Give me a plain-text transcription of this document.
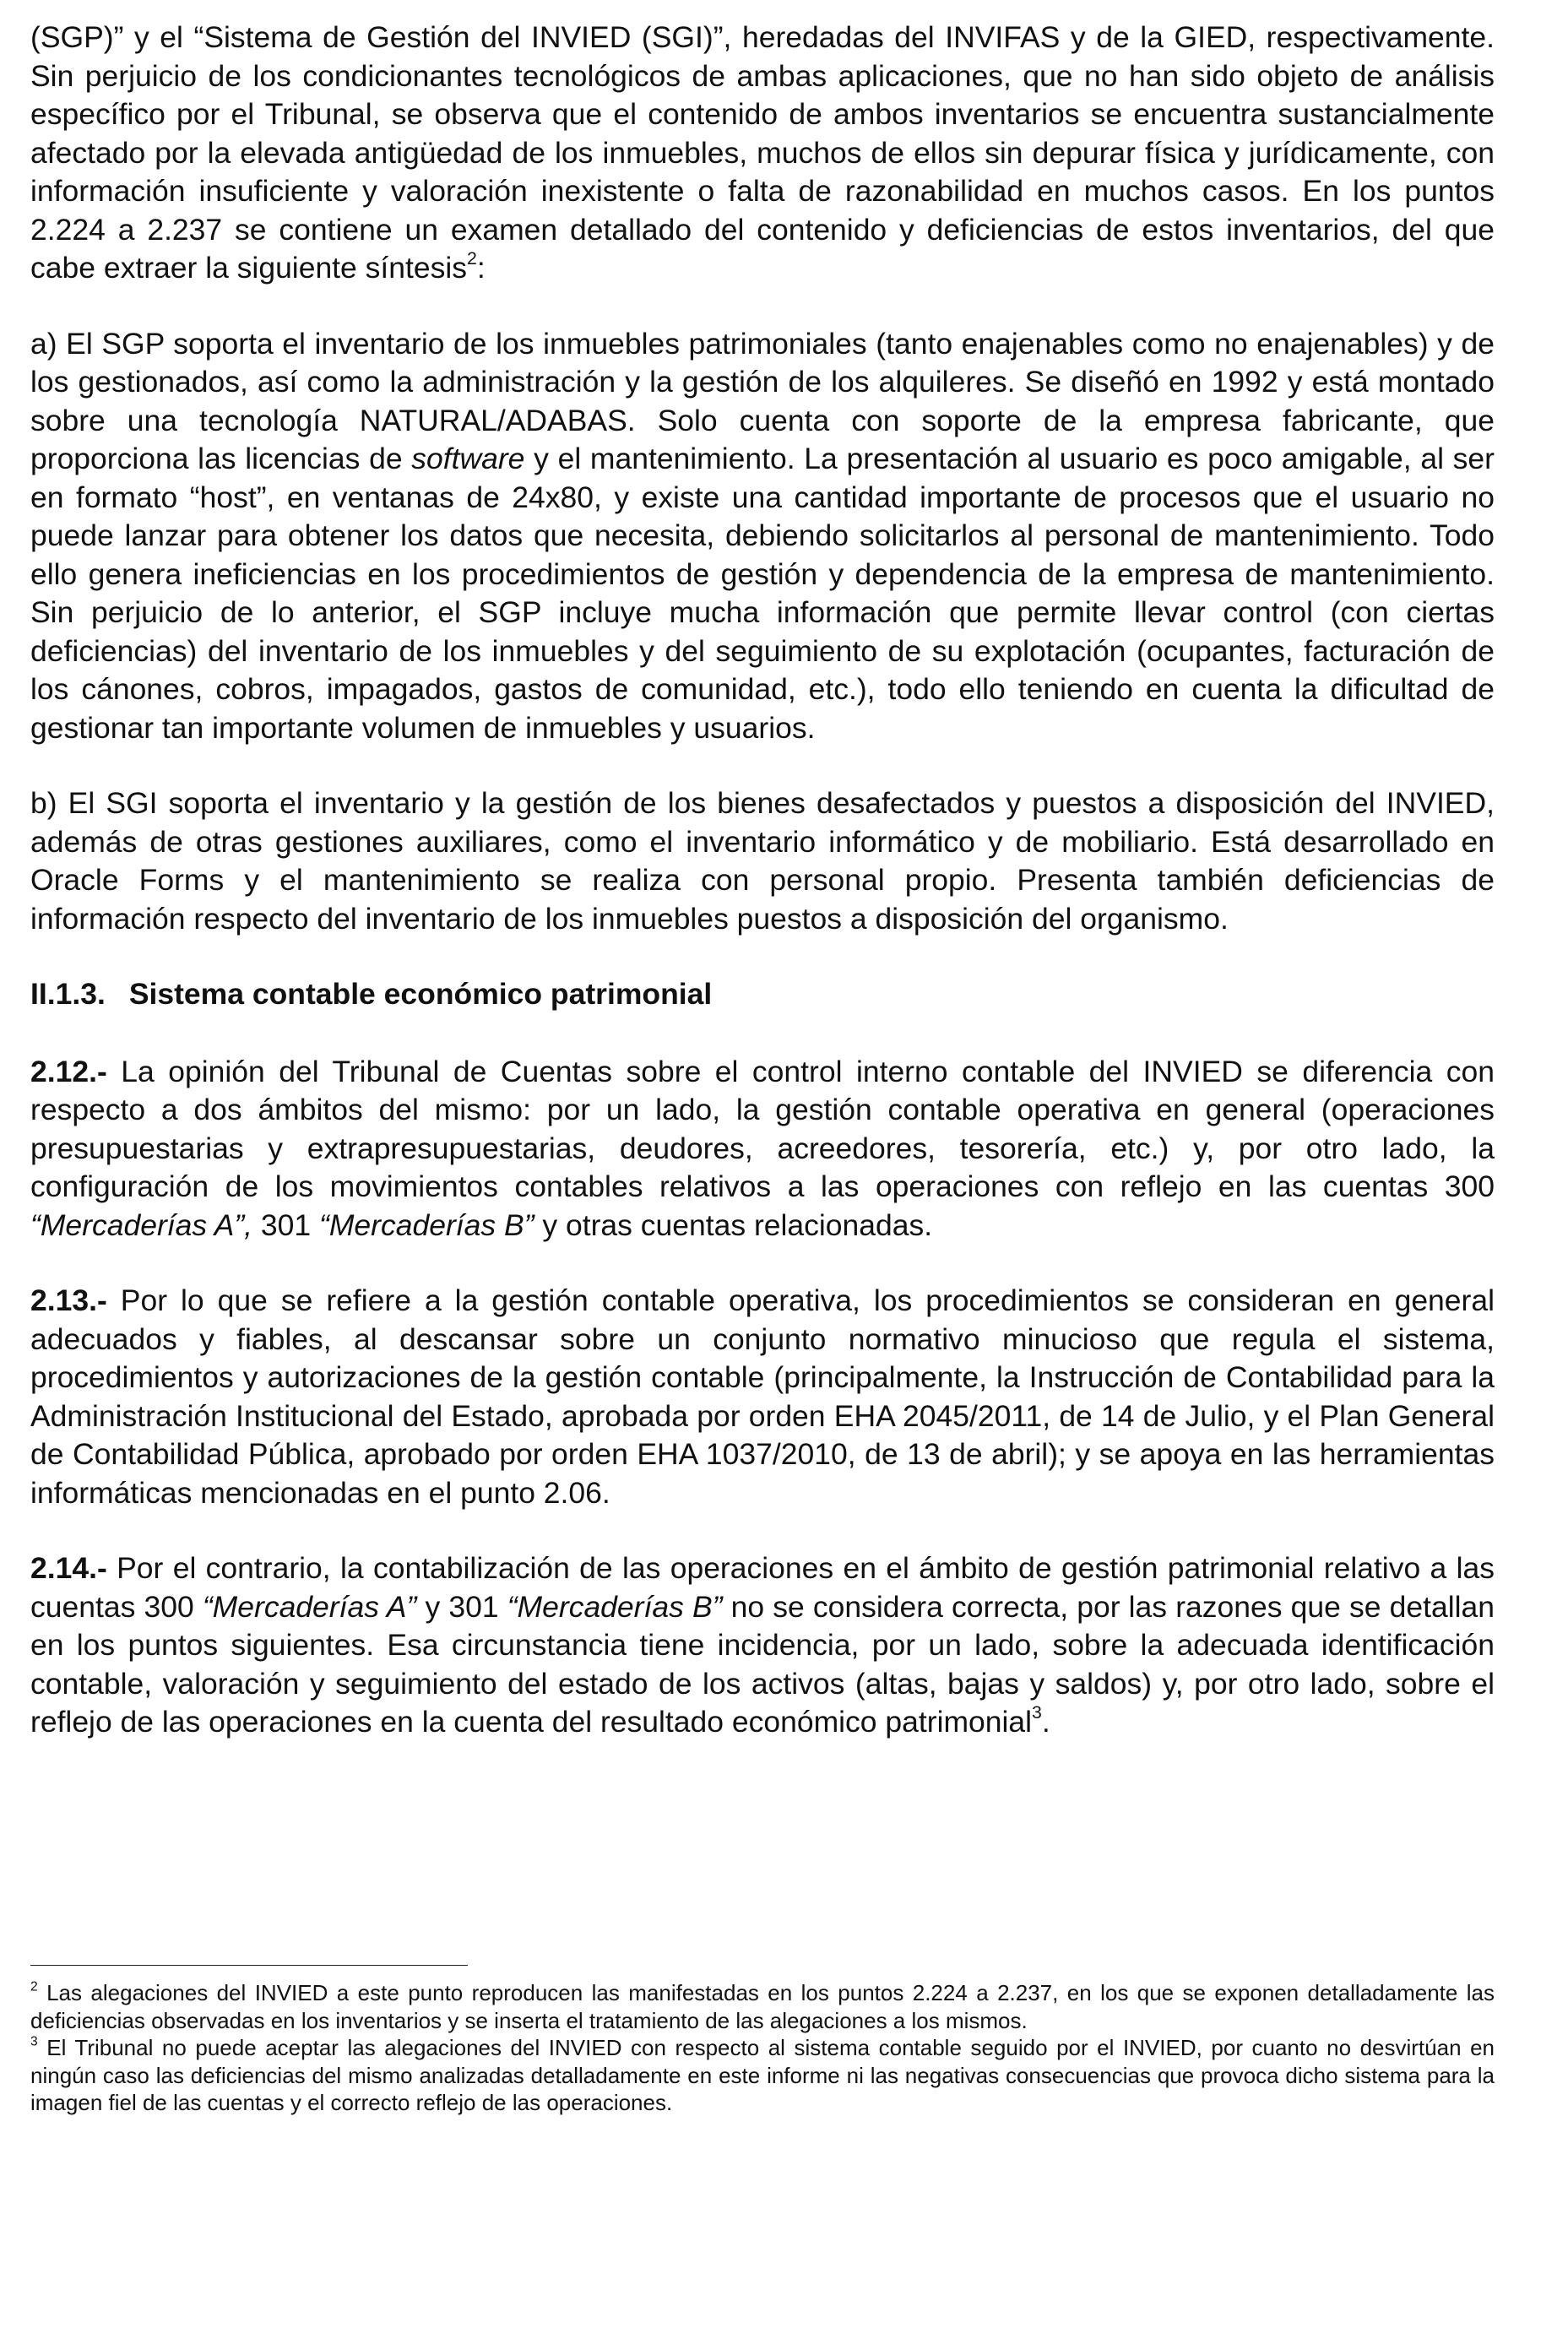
(SGP)” y el “Sistema de Gestión del INVIED (SGI)”, heredadas del INVIFAS y de la GIED, respectivamente. Sin perjuicio de los condicionantes tecnológicos de ambas aplicaciones, que no han sido objeto de análisis específico por el Tribunal, se observa que el contenido de ambos inventarios se encuentra sustancialmente afectado por la elevada antigüedad de los inmuebles, muchos de ellos sin depurar física y jurídicamente, con información insuficiente y valoración inexistente o falta de razonabilidad en muchos casos. En los puntos 2.224 a 2.237 se contiene un examen detallado del contenido y deficiencias de estos inventarios, del que cabe extraer la siguiente síntesis$^2$:

a) El SGP soporta el inventario de los inmuebles patrimoniales (tanto enajenables como no enajenables) y de los gestionados, así como la administración y la gestión de los alquileres. Se diseñó en 1992 y está montado sobre una tecnología NATURAL/ADABAS. Solo cuenta con soporte de la empresa fabricante, que proporciona las licencias de software y el mantenimiento. La presentación al usuario es poco amigable, al ser en formato “host”, en ventanas de 24x80, y existe una cantidad importante de procesos que el usuario no puede lanzar para obtener los datos que necesita, debiendo solicitarlos al personal de mantenimiento. Todo ello genera ineficiencias en los procedimientos de gestión y dependencia de la empresa de mantenimiento. Sin perjuicio de lo anterior, el SGP incluye mucha información que permite llevar control (con ciertas deficiencias) del inventario de los inmuebles y del seguimiento de su explotación (ocupantes, facturación de los cánones, cobros, impagados, gastos de comunidad, etc.), todo ello teniendo en cuenta la dificultad de gestionar tan importante volumen de inmuebles y usuarios.

b) El SGI soporta el inventario y la gestión de los bienes desafectados y puestos a disposición del INVIED, además de otras gestiones auxiliares, como el inventario informático y de mobiliario. Está desarrollado en Oracle Forms y el mantenimiento se realiza con personal propio. Presenta también deficiencias de información respecto del inventario de los inmuebles puestos a disposición del organismo.

II.1.3. Sistema contable económico patrimonial

2.12.- La opinión del Tribunal de Cuentas sobre el control interno contable del INVIED se diferencia con respecto a dos ámbitos del mismo: por un lado, la gestión contable operativa en general (operaciones presupuestarias y extrapresupuestarias, deudores, acreedores, tesorería, etc.) y, por otro lado, la configuración de los movimientos contables relativos a las operaciones con reflejo en las cuentas 300 “Mercaderías A”, 301 “Mercaderías B” y otras cuentas relacionadas.

2.13.- Por lo que se refiere a la gestión contable operativa, los procedimientos se consideran en general adecuados y fiables, al descansar sobre un conjunto normativo minucioso que regula el sistema, procedimientos y autorizaciones de la gestión contable (principalmente, la Instrucción de Contabilidad para la Administración Institucional del Estado, aprobada por orden EHA 2045/2011, de 14 de Julio, y el Plan General de Contabilidad Pública, aprobado por orden EHA 1037/2010, de 13 de abril); y se apoya en las herramientas informáticas mencionadas en el punto 2.06.

2.14.- Por el contrario, la contabilización de las operaciones en el ámbito de gestión patrimonial relativo a las cuentas 300 “Mercaderías A” y 301 “Mercaderías B” no se considera correcta, por las razones que se detallan en los puntos siguientes. Esa circunstancia tiene incidencia, por un lado, sobre la adecuada identificación contable, valoración y seguimiento del estado de los activos (altas, bajas y saldos) y, por otro lado, sobre el reflejo de las operaciones en la cuenta del resultado económico patrimonial$^3$.

$^2$ Las alegaciones del INVIED a este punto reproducen las manifestadas en los puntos 2.224 a 2.237, en los que se exponen detalladamente las deficiencias observadas en los inventarios y se inserta el tratamiento de las alegaciones a los mismos.

$^3$ El Tribunal no puede aceptar las alegaciones del INVIED con respecto al sistema contable seguido por el INVIED, por cuanto no desvirtúan en ningún caso las deficiencias del mismo analizadas detalladamente en este informe ni las negativas consecuencias que provoca dicho sistema para la imagen fiel de las cuentas y el correcto reflejo de las operaciones.
